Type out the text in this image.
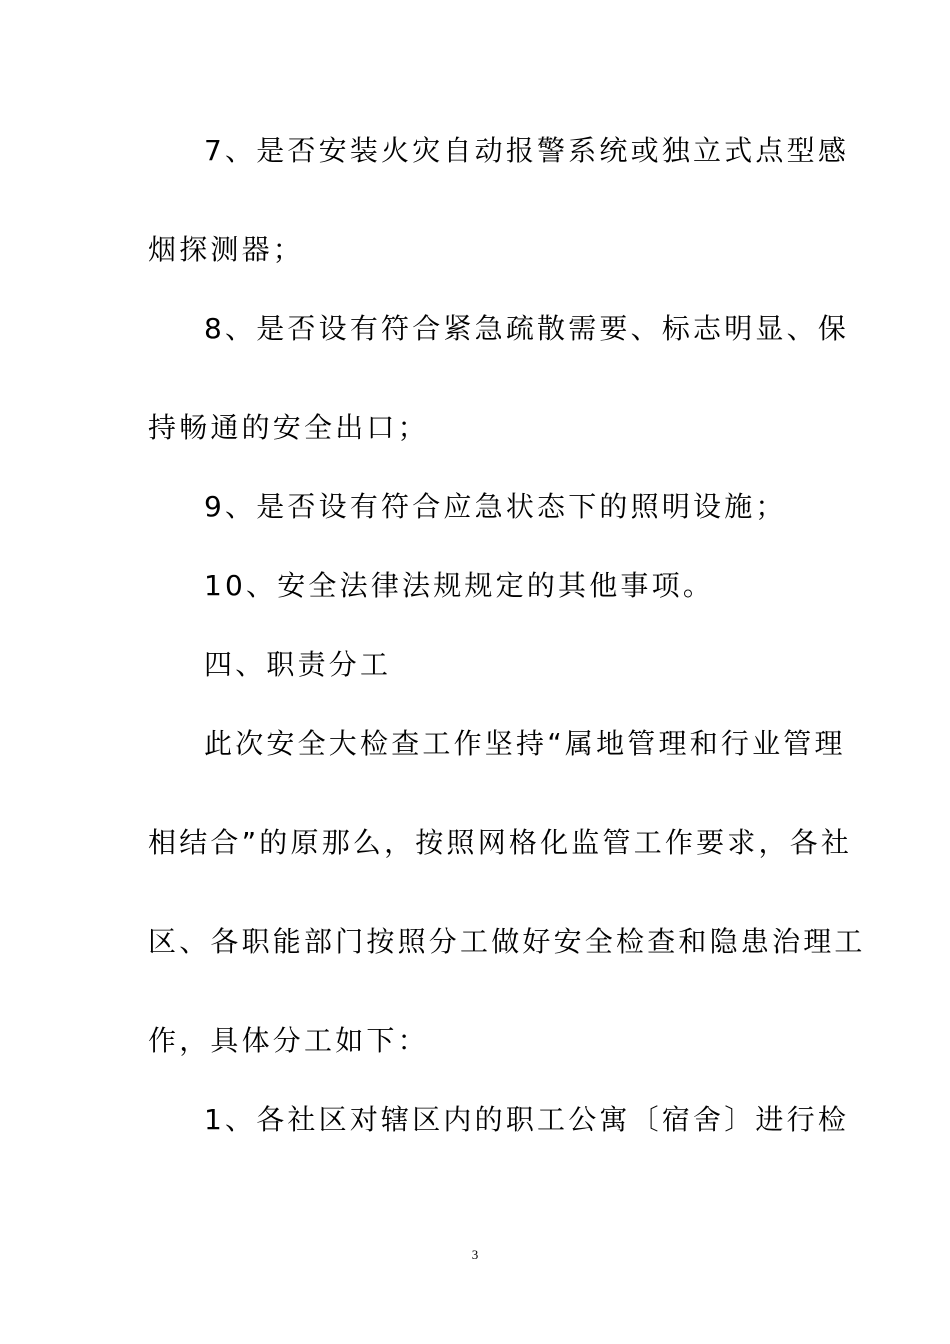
7、是否安装火灾自动报警系统或独立式点型感
烟探测器；
8、是否设有符合紧急疏散需要、标志明显、保
持畅通的安全出口；
9、是否设有符合应急状态下的照明设施；
10、安全法律法规规定的其他事项。
四、职责分工
此次安全大检查工作坚持“属地管理和行业管理
相结合”的原那么，按照网格化监管工作要求，各社
区、各职能部门按照分工做好安全检查和隐患治理工
作，具体分工如下：
1、各社区对辖区内的职工公寓〔宿舍〕进行检
3
